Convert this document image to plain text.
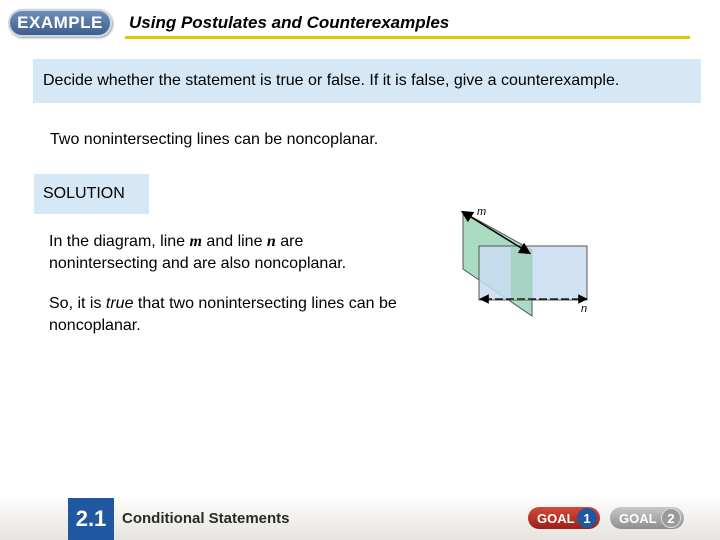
EXAMPLE	Using Postulates and Counterexamples
Decide whether the statement is true or false. If it is false, give a counterexample.
Two nonintersecting lines can be noncoplanar.
SOLUTION
In the diagram, line m and line n are nonintersecting and are also noncoplanar.
So, it is true that two nonintersecting lines can be noncoplanar.
m
n
2.1	Conditional Statements	GOAL 1	GOAL 2
